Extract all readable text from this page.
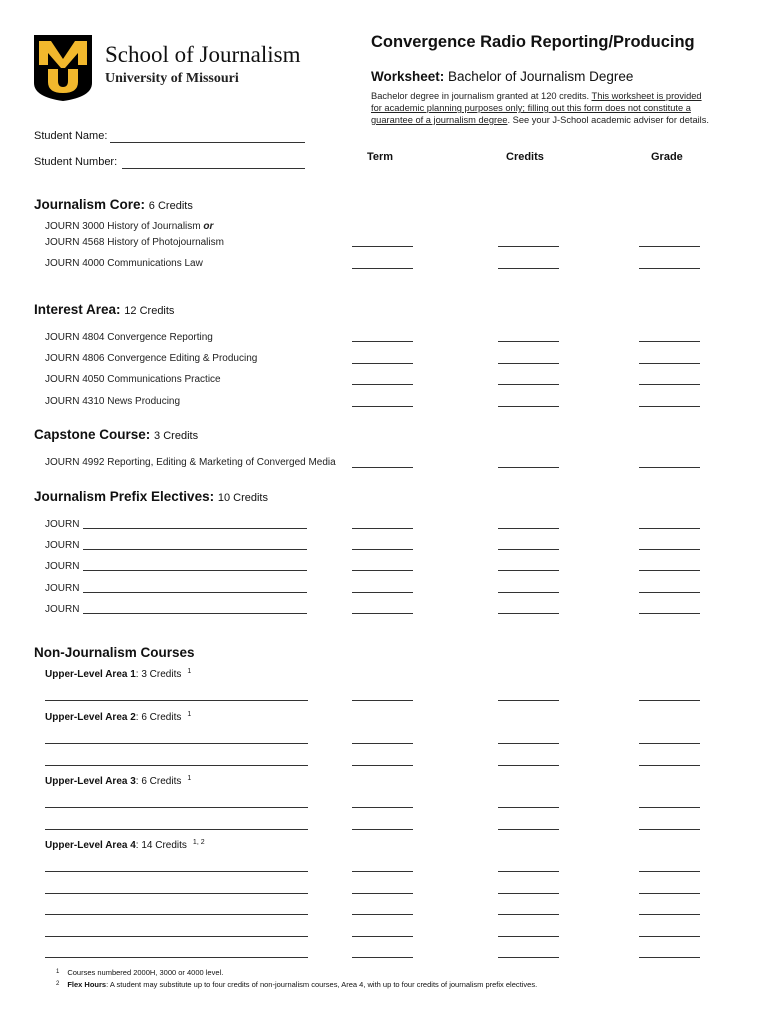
School of Journalism
University of Missouri
Convergence Radio Reporting/Producing
Worksheet: Bachelor of Journalism Degree
Bachelor degree in journalism granted at 120 credits. This worksheet is provided
for academic planning purposes only; filling out this form does not constitute a
guarantee of a journalism degree. See your J-School academic adviser for details.
Student Name:
Student Number:	Term	Credits	Grade
Journalism Core: 6 Credits
JOURN 3000 History of Journalism or
JOURN 4568 History of Photojournalism
JOURN 4000 Communications Law
Interest Area: 12 Credits
JOURN 4804 Convergence Reporting
JOURN 4806 Convergence Editing & Producing
JOURN 4050 Communications Practice
JOURN 4310 News Producing
Capstone Course: 3 Credits
JOURN 4992 Reporting, Editing & Marketing of Converged Media
Journalism Prefix Electives: 10 Credits
JOURN
JOURN
JOURN
JOURN
JOURN
Non-Journalism Courses
Upper-Level Area 1: 3 Credits $^1$
Upper-Level Area 2: 6 Credits $^1$
Upper-Level Area 3: 6 Credits $^1$
Upper-Level Area 4: 14 Credits $^{1, 2}$
$^1$ Courses numbered 2000H, 3000 or 4000 level.
$^2$ Flex Hours: A student may substitute up to four credits of non-journalism courses, Area 4, with up to four credits of journalism prefix electives.
